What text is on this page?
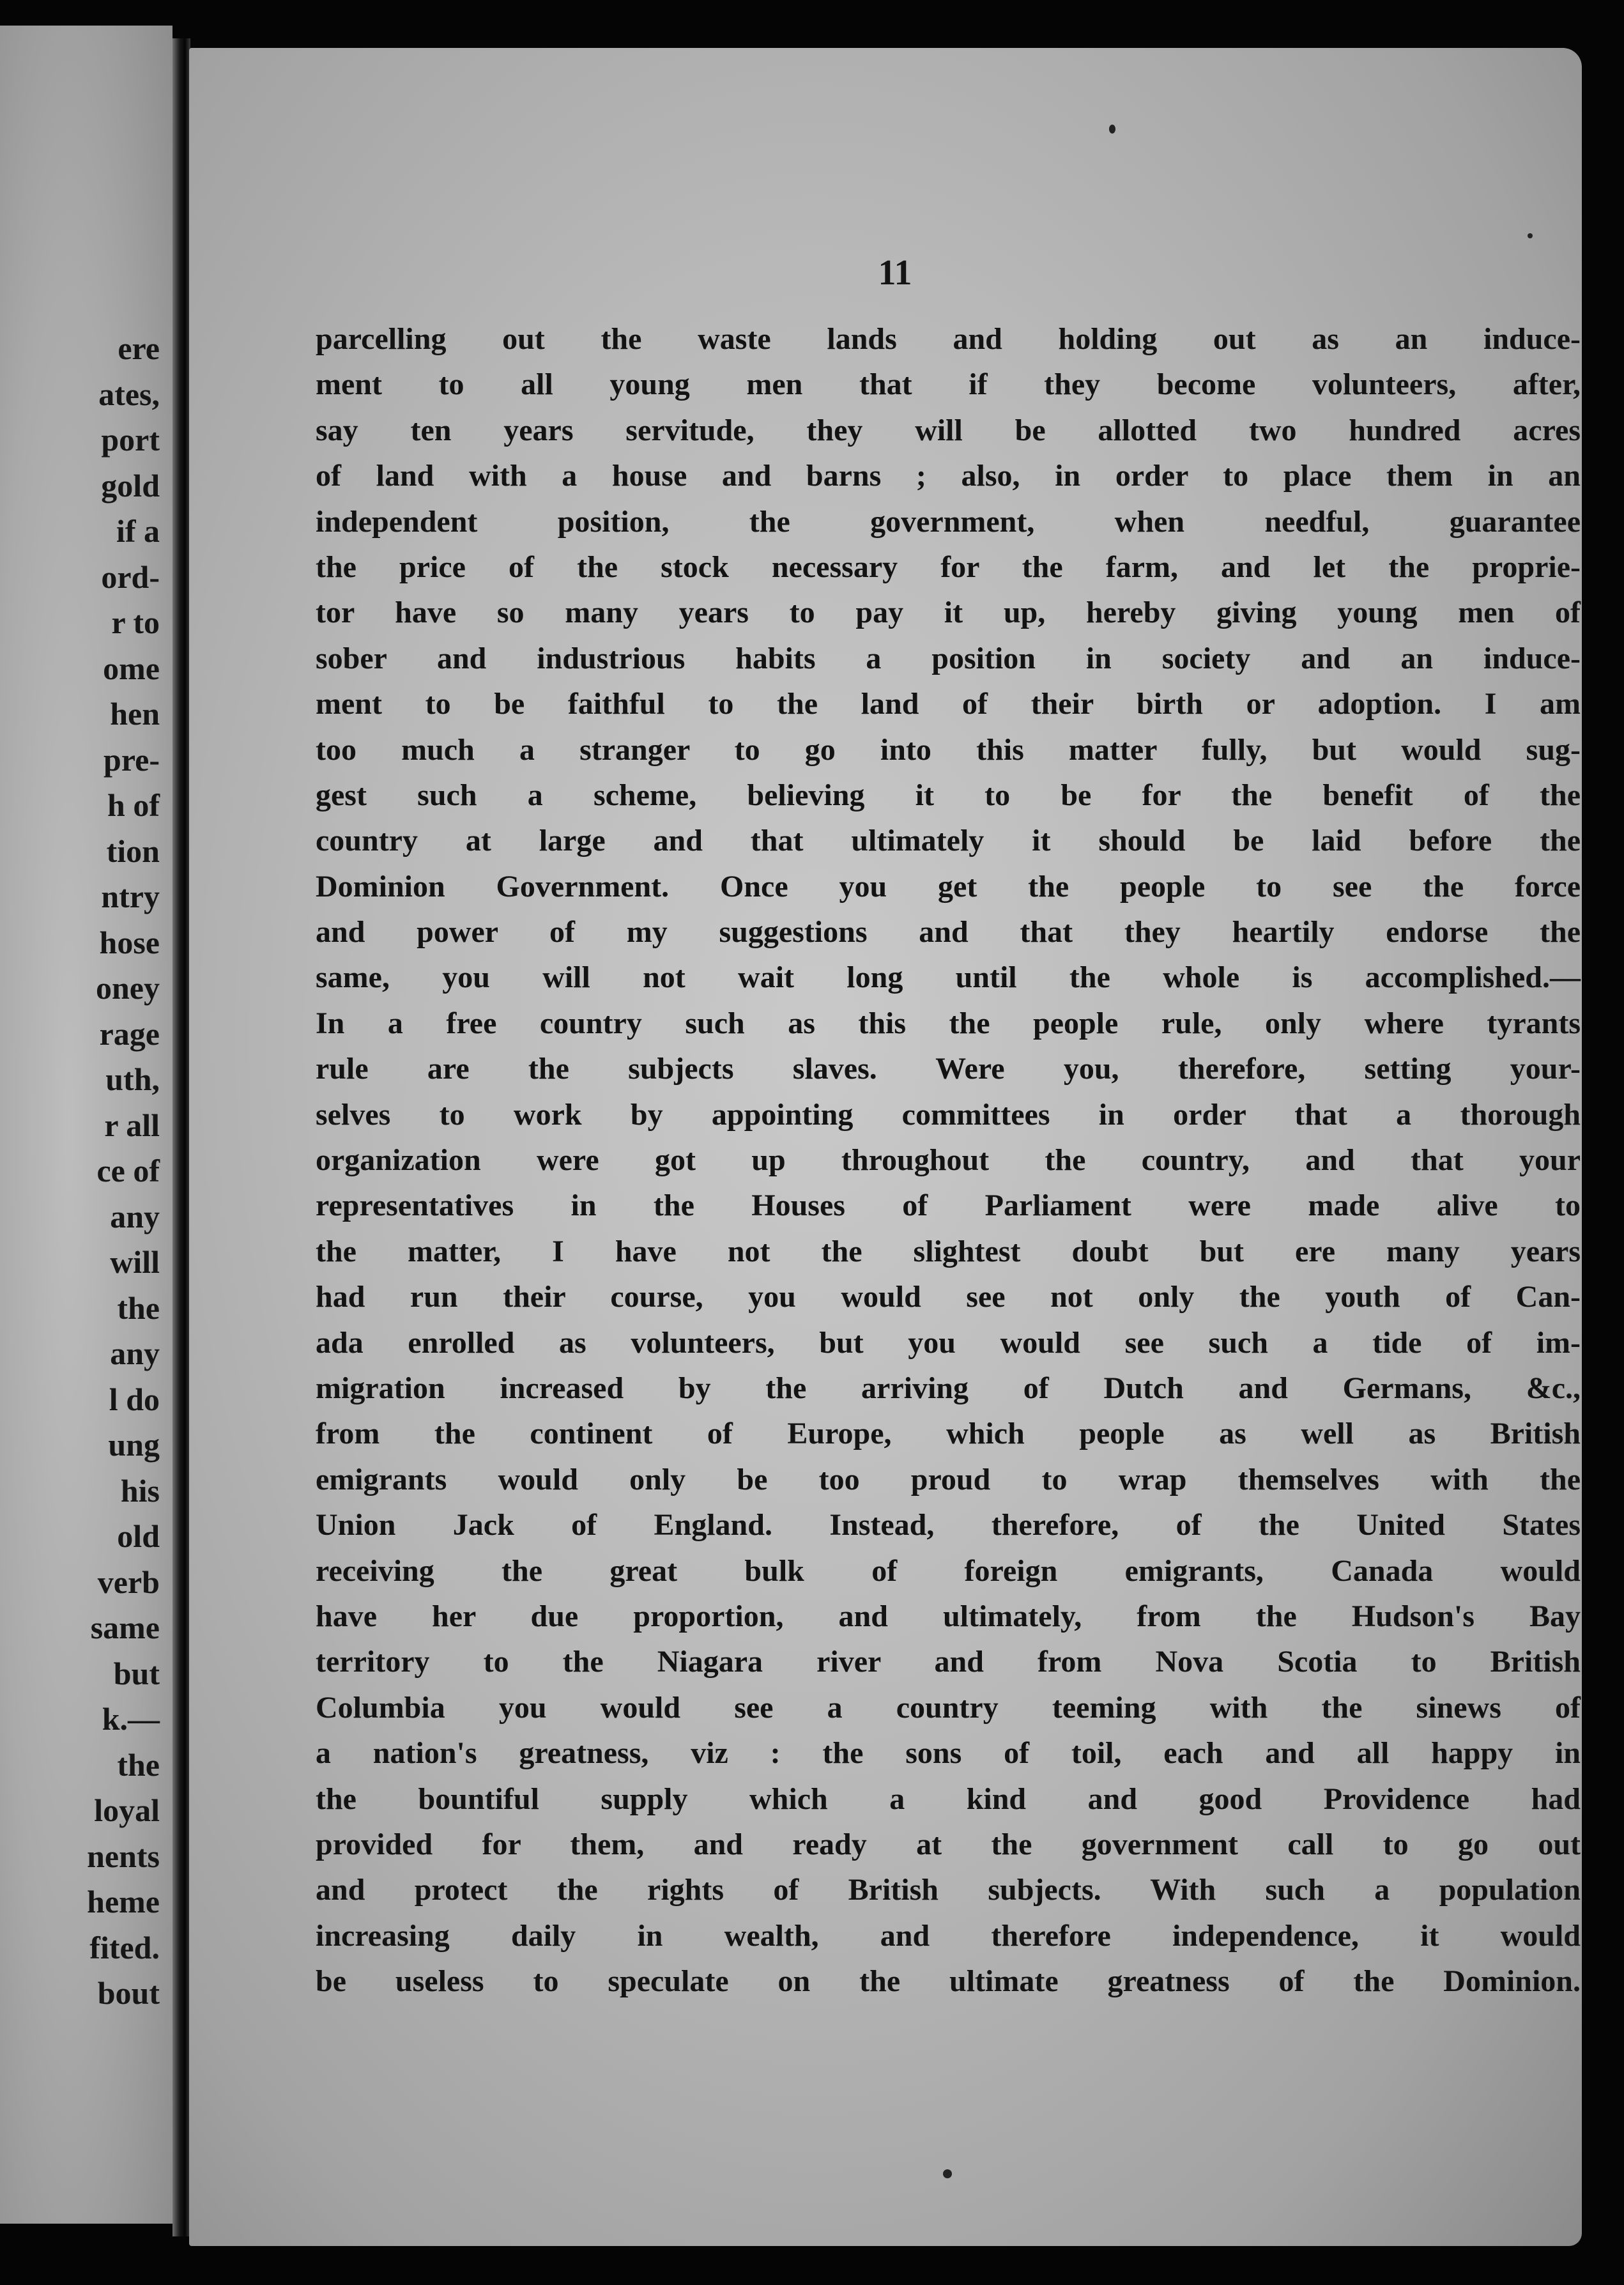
ere
ates,
port
gold
if a
ord-
r to
ome
hen
pre-
h of
tion
ntry
hose
oney
rage
uth,
r all
ce of
any
will
the
any
l do
ung
his
old
verb
same
but
k.—
the
loyal
nents
heme
fited.
bout
11
parcelling out the waste lands and holding out as an induce-
ment to all young men that if they become volunteers, after,
say ten years servitude, they will be allotted two hundred acres
of land with a house and barns ; also, in order to place them in an
independent position, the government, when needful, guarantee
the price of the stock necessary for the farm, and let the proprie-
tor have so many years to pay it up, hereby giving young men of
sober and industrious habits a position in society and an induce-
ment to be faithful to the land of their birth or adoption. I am
too much a stranger to go into this matter fully, but would sug-
gest such a scheme, believing it to be for the benefit of the
country at large and that ultimately it should be laid before the
Dominion Government. Once you get the people to see the force
and power of my suggestions and that they heartily endorse the
same, you will not wait long until the whole is accomplished.—
In a free country such as this the people rule, only where tyrants
rule are the subjects slaves. Were you, therefore, setting your-
selves to work by appointing committees in order that a thorough
organization were got up throughout the country, and that your
representatives in the Houses of Parliament were made alive to
the matter, I have not the slightest doubt but ere many years
had run their course, you would see not only the youth of Can-
ada enrolled as volunteers, but you would see such a tide of im-
migration increased by the arriving of Dutch and Germans, &c.,
from the continent of Europe, which people as well as British
emigrants would only be too proud to wrap themselves with the
Union Jack of England. Instead, therefore, of the United States
receiving the great bulk of foreign emigrants, Canada would
have her due proportion, and ultimately, from the Hudson's Bay
territory to the Niagara river and from Nova Scotia to British
Columbia you would see a country teeming with the sinews of
a nation's greatness, viz : the sons of toil, each and all happy in
the bountiful supply which a kind and good Providence had
provided for them, and ready at the government call to go out
and protect the rights of British subjects. With such a population
increasing daily in wealth, and therefore independence, it would
be useless to speculate on the ultimate greatness of the Dominion.
